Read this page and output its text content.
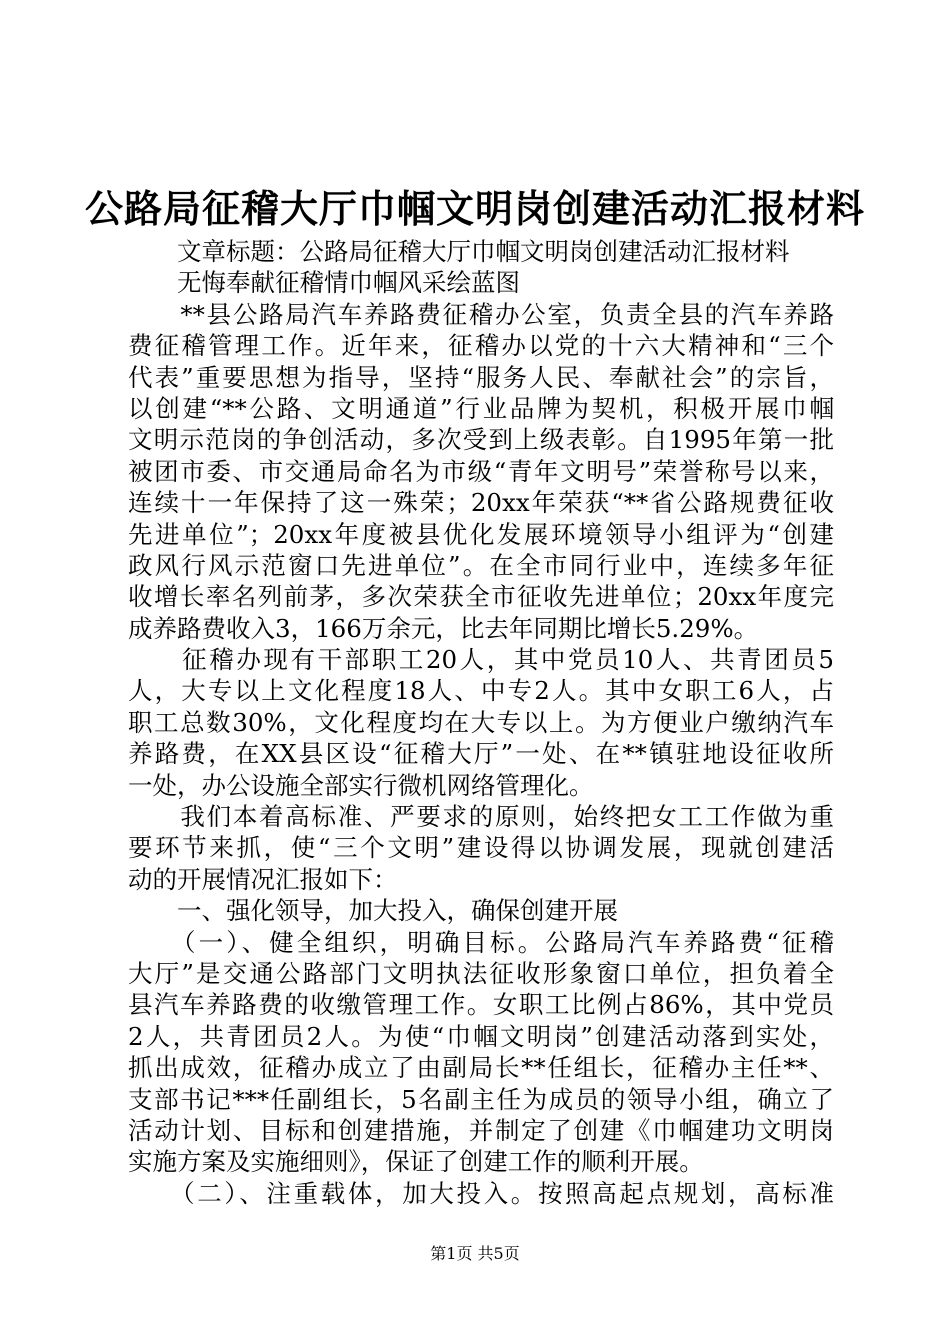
公路局征稽大厅巾帼文明岗创建活动汇报材料
　　文章标题：公路局征稽大厅巾帼文明岗创建活动汇报材料
　　无悔奉献征稽情巾帼风采绘蓝图
　　**县公路局汽车养路费征稽办公室，负责全县的汽车养路
费征稽管理工作。近年来，征稽办以党的十六大精神和“三个
代表”重要思想为指导，坚持“服务人民、奉献社会”的宗旨，
以创建“**公路、文明通道”行业品牌为契机，积极开展巾帼
文明示范岗的争创活动，多次受到上级表彰。自1995年第一批
被团市委、市交通局命名为市级“青年文明号”荣誉称号以来，
连续十一年保持了这一殊荣；20xx年荣获“**省公路规费征收
先进单位”；20xx年度被县优化发展环境领导小组评为“创建
政风行风示范窗口先进单位”。在全市同行业中，连续多年征
收增长率名列前茅，多次荣获全市征收先进单位；20xx年度完
成养路费收入3，166万余元，比去年同期比增长5.29%。
　　征稽办现有干部职工20人，其中党员10人、共青团员5
人，大专以上文化程度18人、中专2人。其中女职工6人，占
职工总数30%，文化程度均在大专以上。为方便业户缴纳汽车
养路费，在XX县区设“征稽大厅”一处、在**镇驻地设征收所
一处，办公设施全部实行微机网络管理化。
　　我们本着高标准、严要求的原则，始终把女工工作做为重
要环节来抓，使“三个文明”建设得以协调发展，现就创建活
动的开展情况汇报如下：
　　一、强化领导，加大投入，确保创建开展
　　（一）、健全组织，明确目标。公路局汽车养路费“征稽
大厅”是交通公路部门文明执法征收形象窗口单位，担负着全
县汽车养路费的收缴管理工作。女职工比例占86%，其中党员
2人，共青团员2人。为使“巾帼文明岗”创建活动落到实处，
抓出成效，征稽办成立了由副局长**任组长，征稽办主任**、
支部书记***任副组长，5名副主任为成员的领导小组，确立了
活动计划、目标和创建措施，并制定了创建《巾帼建功文明岗
实施方案及实施细则》，保证了创建工作的顺利开展。
　　（二）、注重载体，加大投入。按照高起点规划，高标准
第1页 共5页
